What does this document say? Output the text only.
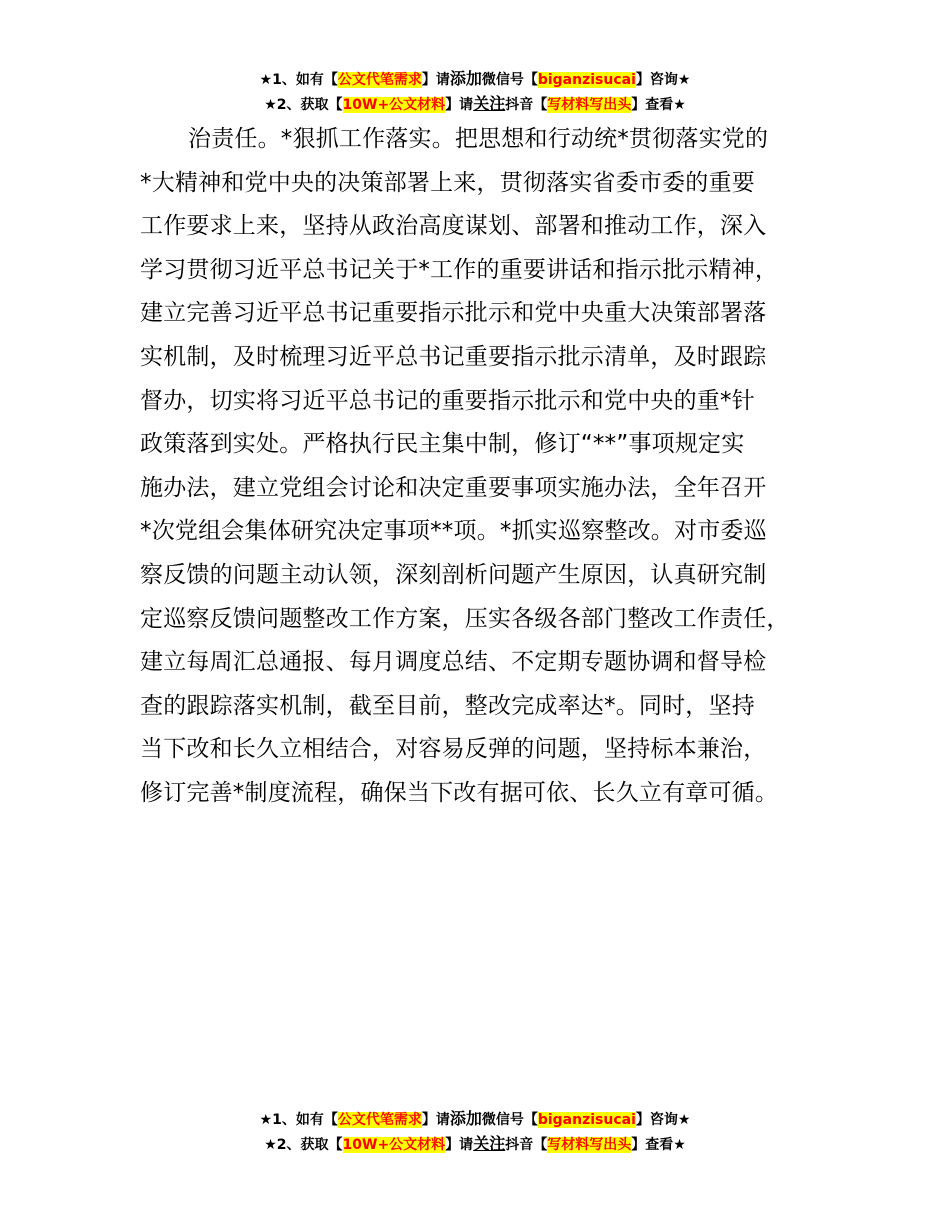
★1、如有【公文代笔需求】请添加微信号【biganzisucai】咨询★
★2、获取【10W+公文材料】请关注抖音【写材料写出头】查看★
治责任。*狠抓工作落实。把思想和行动统*贯彻落实党的
*大精神和党中央的决策部署上来，贯彻落实省委市委的重要
工作要求上来，坚持从政治高度谋划、部署和推动工作，深入
学习贯彻习近平总书记关于*工作的重要讲话和指示批示精神，
建立完善习近平总书记重要指示批示和党中央重大决策部署落
实机制，及时梳理习近平总书记重要指示批示清单，及时跟踪
督办，切实将习近平总书记的重要指示批示和党中央的重*针
政策落到实处。严格执行民主集中制，修订“**”事项规定实
施办法，建立党组会讨论和决定重要事项实施办法，全年召开
*次党组会集体研究决定事项**项。*抓实巡察整改。对市委巡
察反馈的问题主动认领，深刻剖析问题产生原因，认真研究制
定巡察反馈问题整改工作方案，压实各级各部门整改工作责任，
建立每周汇总通报、每月调度总结、不定期专题协调和督导检
查的跟踪落实机制，截至目前，整改完成率达*。同时，坚持
当下改和长久立相结合，对容易反弹的问题，坚持标本兼治，
修订完善*制度流程，确保当下改有据可依、长久立有章可循。
★1、如有【公文代笔需求】请添加微信号【biganzisucai】咨询★
★2、获取【10W+公文材料】请关注抖音【写材料写出头】查看★
